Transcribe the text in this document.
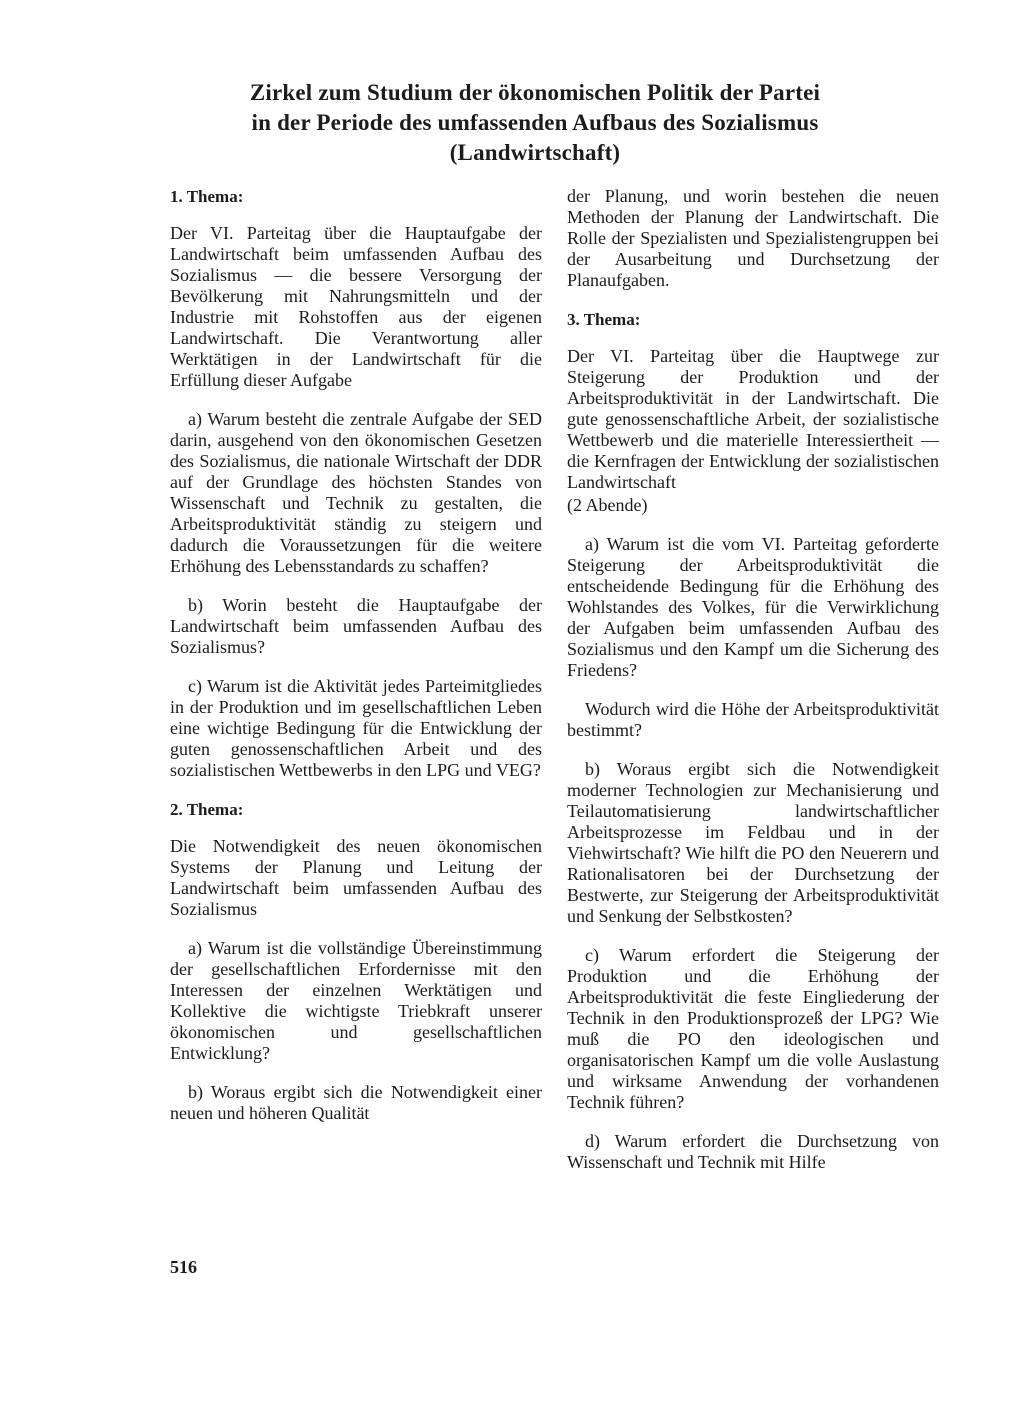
Zirkel zum Studium der ökonomischen Politik der Partei
in der Periode des umfassenden Aufbaus des Sozialismus
(Landwirtschaft)

1. Thema:

Der VI. Parteitag über die Hauptaufgabe der Landwirtschaft beim umfassenden Aufbau des Sozialismus — die bessere Versorgung der Bevölkerung mit Nahrungsmitteln und der Industrie mit Rohstoffen aus der eigenen Landwirtschaft. Die Verantwortung aller Werktätigen in der Landwirtschaft für die Erfüllung dieser Aufgabe

a) Warum besteht die zentrale Aufgabe der SED darin, ausgehend von den ökonomischen Gesetzen des Sozialismus, die nationale Wirtschaft der DDR auf der Grundlage des höchsten Standes von Wissenschaft und Technik zu gestalten, die Arbeitsproduktivität ständig zu steigern und dadurch die Voraussetzungen für die weitere Erhöhung des Lebensstandards zu schaffen?

b) Worin besteht die Hauptaufgabe der Landwirtschaft beim umfassenden Aufbau des Sozialismus?

c) Warum ist die Aktivität jedes Parteimitgliedes in der Produktion und im gesellschaftlichen Leben eine wichtige Bedingung für die Entwicklung der guten genossenschaftlichen Arbeit und des sozialistischen Wettbewerbs in den LPG und VEG?

2. Thema:

Die Notwendigkeit des neuen ökonomischen Systems der Planung und Leitung der Landwirtschaft beim umfassenden Aufbau des Sozialismus

a) Warum ist die vollständige Übereinstimmung der gesellschaftlichen Erfordernisse mit den Interessen der einzelnen Werktätigen und Kollektive die wichtigste Triebkraft unserer ökonomischen und gesellschaftlichen Entwicklung?

b) Woraus ergibt sich die Notwendigkeit einer neuen und höheren Qualität

der Planung, und worin bestehen die neuen Methoden der Planung der Landwirtschaft. Die Rolle der Spezialisten und Spezialistengruppen bei der Ausarbeitung und Durchsetzung der Planaufgaben.

3. Thema:

Der VI. Parteitag über die Hauptwege zur Steigerung der Produktion und der Arbeitsproduktivität in der Landwirtschaft. Die gute genossenschaftliche Arbeit, der sozialistische Wettbewerb und die materielle Interessiertheit — die Kernfragen der Entwicklung der sozialistischen Landwirtschaft

(2 Abende)

a) Warum ist die vom VI. Parteitag geforderte Steigerung der Arbeitsproduktivität die entscheidende Bedingung für die Erhöhung des Wohlstandes des Volkes, für die Verwirklichung der Aufgaben beim umfassenden Aufbau des Sozialismus und den Kampf um die Sicherung des Friedens?

Wodurch wird die Höhe der Arbeitsproduktivität bestimmt?

b) Woraus ergibt sich die Notwendigkeit moderner Technologien zur Mechanisierung und Teilautomatisierung landwirtschaftlicher Arbeitsprozesse im Feldbau und in der Viehwirtschaft? Wie hilft die PO den Neuerern und Rationalisatoren bei der Durchsetzung der Bestwerte, zur Steigerung der Arbeitsproduktivität und Senkung der Selbstkosten?

c) Warum erfordert die Steigerung der Produktion und die Erhöhung der Arbeitsproduktivität die feste Eingliederung der Technik in den Produktionsprozeß der LPG? Wie muß die PO den ideologischen und organisatorischen Kampf um die volle Auslastung und wirksame Anwendung der vorhandenen Technik führen?

d) Warum erfordert die Durchsetzung von Wissenschaft und Technik mit Hilfe

516
